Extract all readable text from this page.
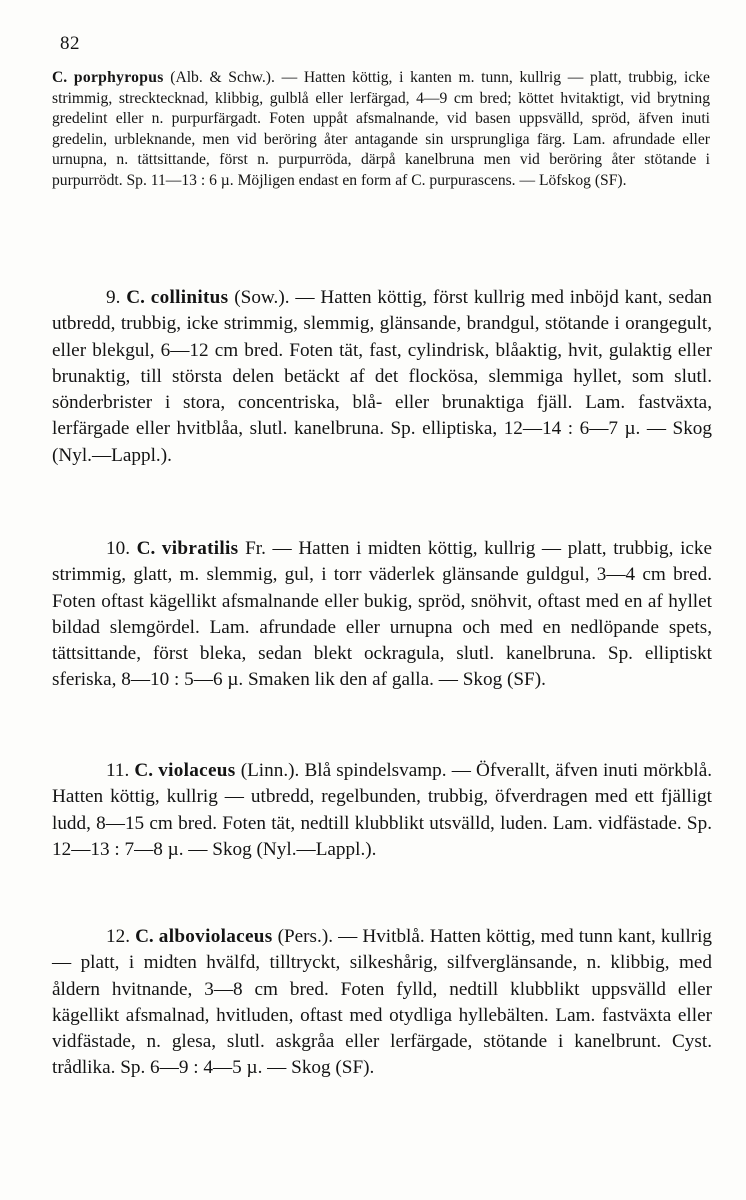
82

C. porphyropus (Alb. & Schw.). — Hatten köttig, i kanten m. tunn, kullrig — platt, trubbig, icke strimmig, strecktecknad, klibbig, gulblå eller lerfärgad, 4—9 cm bred; köttet hvitaktigt, vid brytning gredelint eller n. purpurfärgadt. Foten uppåt afsmalnande, vid basen uppsvälld, spröd, äfven inuti gredelin, urbleknande, men vid beröring åter antagande sin ursprungliga färg. Lam. afrundade eller urnupna, n. tättsittande, först n. purpurröda, därpå kanelbruna men vid beröring åter stötande i purpurrödt. Sp. 11—13 : 6 µ. Möjligen endast en form af C. purpurascens. — Löfskog (SF).

9. C. collinitus (Sow.). — Hatten köttig, först kullrig med inböjd kant, sedan utbredd, trubbig, icke strimmig, slemmig, glänsande, brandgul, stötande i orangegult, eller blekgul, 6—12 cm bred. Foten tät, fast, cylindrisk, blåaktig, hvit, gulaktig eller brunaktig, till största delen betäckt af det flockösa, slemmiga hyllet, som slutl. sönderbrister i stora, concentriska, blå- eller brunaktiga fjäll. Lam. fastväxta, lerfärgade eller hvitblåa, slutl. kanelbruna. Sp. elliptiska, 12—14 : 6—7 µ. — Skog (Nyl.—Lappl.).

10. C. vibratilis Fr. — Hatten i midten köttig, kullrig — platt, trubbig, icke strimmig, glatt, m. slemmig, gul, i torr väderlek glänsande guldgul, 3—4 cm bred. Foten oftast kägellikt afsmalnande eller bukig, spröd, snöhvit, oftast med en af hyllet bildad slemgördel. Lam. afrundade eller urnupna och med en nedlöpande spets, tättsittande, först bleka, sedan blekt ockragula, slutl. kanelbruna. Sp. elliptiskt sferiska, 8—10 : 5—6 µ. Smaken lik den af galla. — Skog (SF).

11. C. violaceus (Linn.). Blå spindelsvamp. — Öfverallt, äfven inuti mörkblå. Hatten köttig, kullrig — utbredd, regelbunden, trubbig, öfverdragen med ett fjälligt ludd, 8—15 cm bred. Foten tät, nedtill klubblikt utsvälld, luden. Lam. vidfästade. Sp. 12—13 : 7—8 µ. — Skog (Nyl.—Lappl.).

12. C. alboviolaceus (Pers.). — Hvitblå. Hatten köttig, med tunn kant, kullrig — platt, i midten hvälfd, tilltryckt, silkeshårig, silfverglänsande, n. klibbig, med åldern hvitnande, 3—8 cm bred. Foten fylld, nedtill klubblikt uppsvälld eller kägellikt afsmalnad, hvitluden, oftast med otydliga hyllebälten. Lam. fastväxta eller vidfästade, n. glesa, slutl. askgråa eller lerfärgade, stötande i kanelbrunt. Cyst. trådlika. Sp. 6—9 : 4—5 µ. — Skog (SF).
